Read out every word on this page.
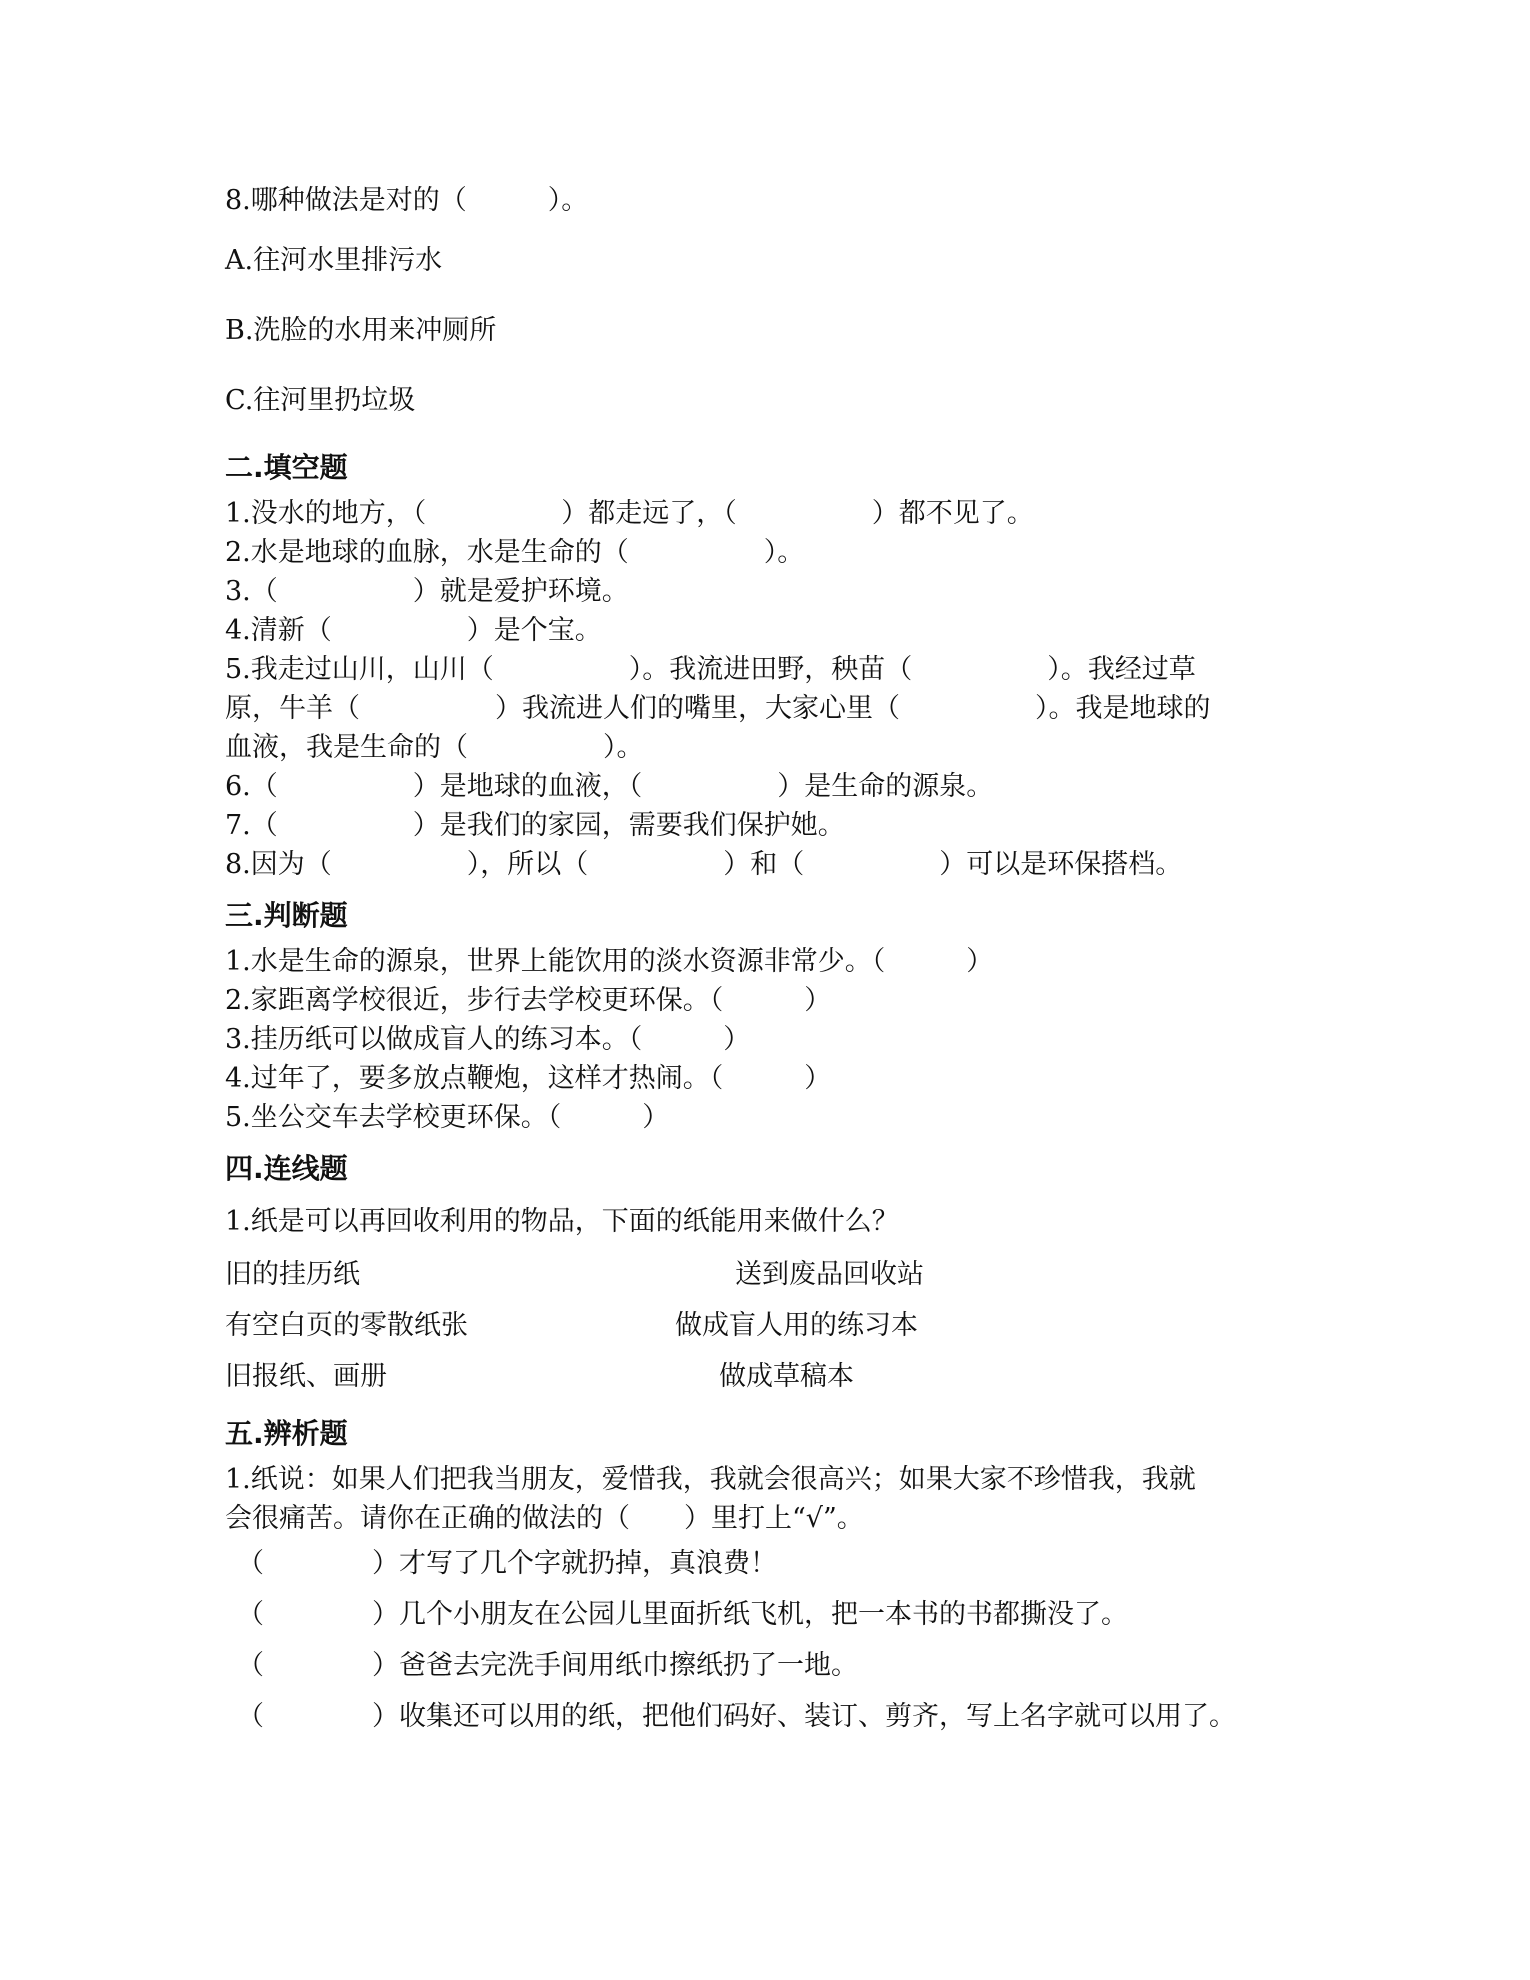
8.哪种做法是对的（　　　）。
A.往河水里排污水
B.洗脸的水用来冲厕所
C.往河里扔垃圾
二.填空题
1.没水的地方，（　　　　　）都走远了，（　　　　　）都不见了。
2.水是地球的血脉，水是生命的（　　　　　）。
3.（　　　　　）就是爱护环境。
4.清新（　　　　　）是个宝。
5.我走过山川，山川（　　　　　）。我流进田野，秧苗（　　　　　）。我经过草
原，牛羊（　　　　　）我流进人们的嘴里，大家心里（　　　　　）。我是地球的
血液，我是生命的（　　　　　）。
6.（　　　　　）是地球的血液，（　　　　　）是生命的源泉。
7.（　　　　　）是我们的家园，需要我们保护她。
8.因为（　　　　　），所以（　　　　　）和（　　　　　）可以是环保搭档。
三.判断题
1.水是生命的源泉，世界上能饮用的淡水资源非常少。（　　　）
2.家距离学校很近，步行去学校更环保。（　　　）
3.挂历纸可以做成盲人的练习本。（　　　）
4.过年了，要多放点鞭炮，这样才热闹。（　　　）
5.坐公交车去学校更环保。（　　　）
四.连线题
1.纸是可以再回收利用的物品，下面的纸能用来做什么？
旧的挂历纸	送到废品回收站
有空白页的零散纸张	做成盲人用的练习本
旧报纸、画册	做成草稿本
五.辨析题
1.纸说：如果人们把我当朋友，爱惜我，我就会很高兴；如果大家不珍惜我，我就
会很痛苦。请你在正确的做法的（　　）里打上“√”。
（　　　　）才写了几个字就扔掉，真浪费！
（　　　　）几个小朋友在公园儿里面折纸飞机，把一本书的书都撕没了。
（　　　　）爸爸去完洗手间用纸巾擦纸扔了一地。
（　　　　）收集还可以用的纸，把他们码好、装订、剪齐，写上名字就可以用了。
